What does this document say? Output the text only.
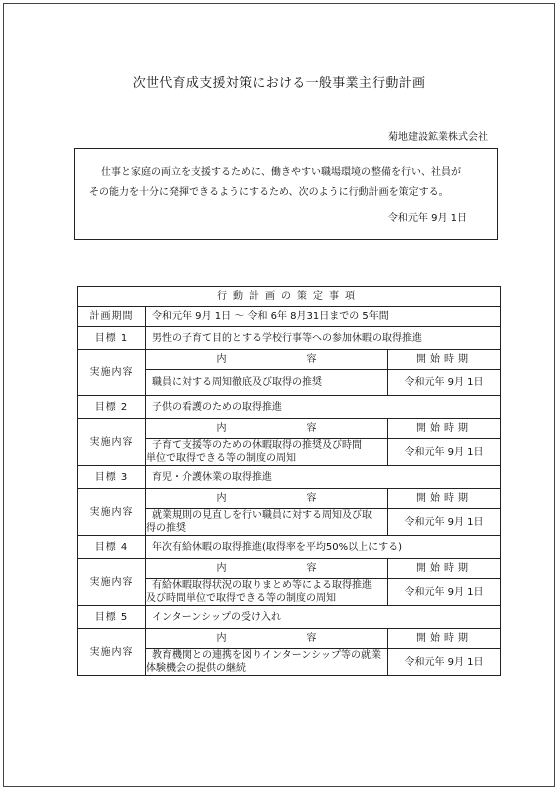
次世代育成支援対策における一般事業主行動計画
菊地建設鉱業株式会社
仕事と家庭の両立を支援するために、働きやすい職場環境の整備を行い、社員が
その能力を十分に発揮できるようにするため、次のように行動計画を策定する。
令和元年 9月 1日
行動計画の策定事項		
計画期間	令和元年 9月 1日 〜 令和 6年 8月31日までの 5年間	
目標 1	男性の子育て目的とする学校行事等への参加休暇の取得推進	
実施内容	内 容	開始時期
	職員に対する周知徹底及び取得の推奨	令和元年 9月 1日
目標 2	子供の看護のための取得推進	
実施内容	内 容	開始時期

	子育て支援等のための休暇取得の推奨及び時間
単位で取得できる等の制度の周知	令和元年 9月 1日
目標 3	育児・介護休業の取得推進	
実施内容	内 容	開始時期

	就業規則の見直しを行い職員に対する周知及び取
得の推奨	令和元年 9月 1日
目標 4	年次有給休暇の取得推進(取得率を平均50%以上にする)	
実施内容	内 容	開始時期

	有給休暇取得状況の取りまとめ等による取得推進
及び時間単位で取得できる等の制度の周知	令和元年 9月 1日
目標 5	インターンシップの受け入れ	
実施内容	内 容	開始時期

	教育機関との連携を図りインターンシップ等の就業
体験機会の提供の継続	令和元年 9月 1日
